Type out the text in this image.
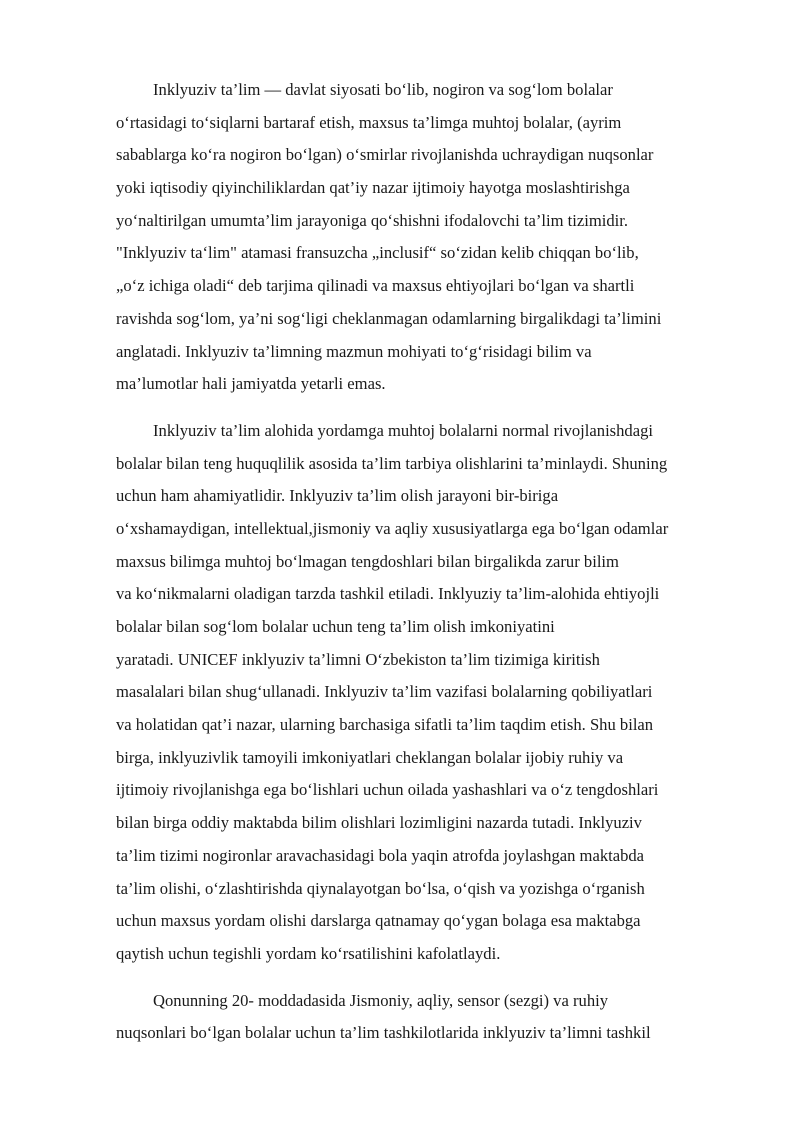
Inklyuziv ta’lim — davlat siyosati bo‘lib, nogiron va sog‘lom bolalar
o‘rtasidagi to‘siqlarni bartaraf etish, maxsus ta’limga muhtoj bolalar, (ayrim
sabablarga ko‘ra nogiron bo‘lgan) o‘smirlar rivojlanishda uchraydigan nuqsonlar
yoki iqtisodiy qiyinchiliklardan qat’iy nazar ijtimoiy hayotga moslashtirishga
yo‘naltirilgan umumta’lim jarayoniga qo‘shishni ifodalovchi ta’lim tizimidir.
"Inklyuziv ta‘lim" atamasi fransuzcha „inclusif“ so‘zidan kelib chiqqan bo‘lib,
„o‘z ichiga oladi“ deb tarjima qilinadi va maxsus ehtiyojlari bo‘lgan va shartli
ravishda sog‘lom, ya’ni sog‘ligi cheklanmagan odamlarning birgalikdagi ta’limini
anglatadi. Inklyuziv ta’limning mazmun mohiyati to‘g‘risidagi bilim va
ma’lumotlar hali jamiyatda yetarli emas.
Inklyuziv ta’lim alohida yordamga muhtoj bolalarni normal rivojlanishdagi
bolalar bilan teng huquqlilik asosida ta’lim tarbiya olishlarini ta’minlaydi. Shuning
uchun ham ahamiyatlidir. Inklyuziv ta’lim olish jarayoni bir-biriga
o‘xshamaydigan, intellektual,jismoniy va aqliy xususiyatlarga ega bo‘lgan odamlar
maxsus bilimga muhtoj bo‘lmagan tengdoshlari bilan birgalikda zarur bilim
va ko‘nikmalarni oladigan tarzda tashkil etiladi. Inklyuziy ta’lim-alohida ehtiyojli
bolalar bilan sog‘lom bolalar uchun teng ta’lim olish imkoniyatini
yaratadi. UNICEF inklyuziv ta’limni O‘zbekiston ta’lim tizimiga kiritish
masalalari bilan shug‘ullanadi. Inklyuziv ta’lim vazifasi bolalarning qobiliyatlari
va holatidan qat’i nazar, ularning barchasiga sifatli ta’lim taqdim etish. Shu bilan
birga, inklyuzivlik tamoyili imkoniyatlari cheklangan bolalar ijobiy ruhiy va
ijtimoiy rivojlanishga ega bo‘lishlari uchun oilada yashashlari va o‘z tengdoshlari
bilan birga oddiy maktabda bilim olishlari lozimligini nazarda tutadi. Inklyuziv
ta’lim tizimi nogironlar aravachasidagi bola yaqin atrofda joylashgan maktabda
ta’lim olishi, o‘zlashtirishda qiynalayotgan bo‘lsa, o‘qish va yozishga o‘rganish
uchun maxsus yordam olishi darslarga qatnamay qo‘ygan bolaga esa maktabga
qaytish uchun tegishli yordam ko‘rsatilishini kafolatlaydi.
Qonunning 20- moddadasida Jismoniy, aqliy, sensor (sezgi) va ruhiy
nuqsonlari bo‘lgan bolalar uchun ta’lim tashkilotlarida inklyuziv ta’limni tashkil
